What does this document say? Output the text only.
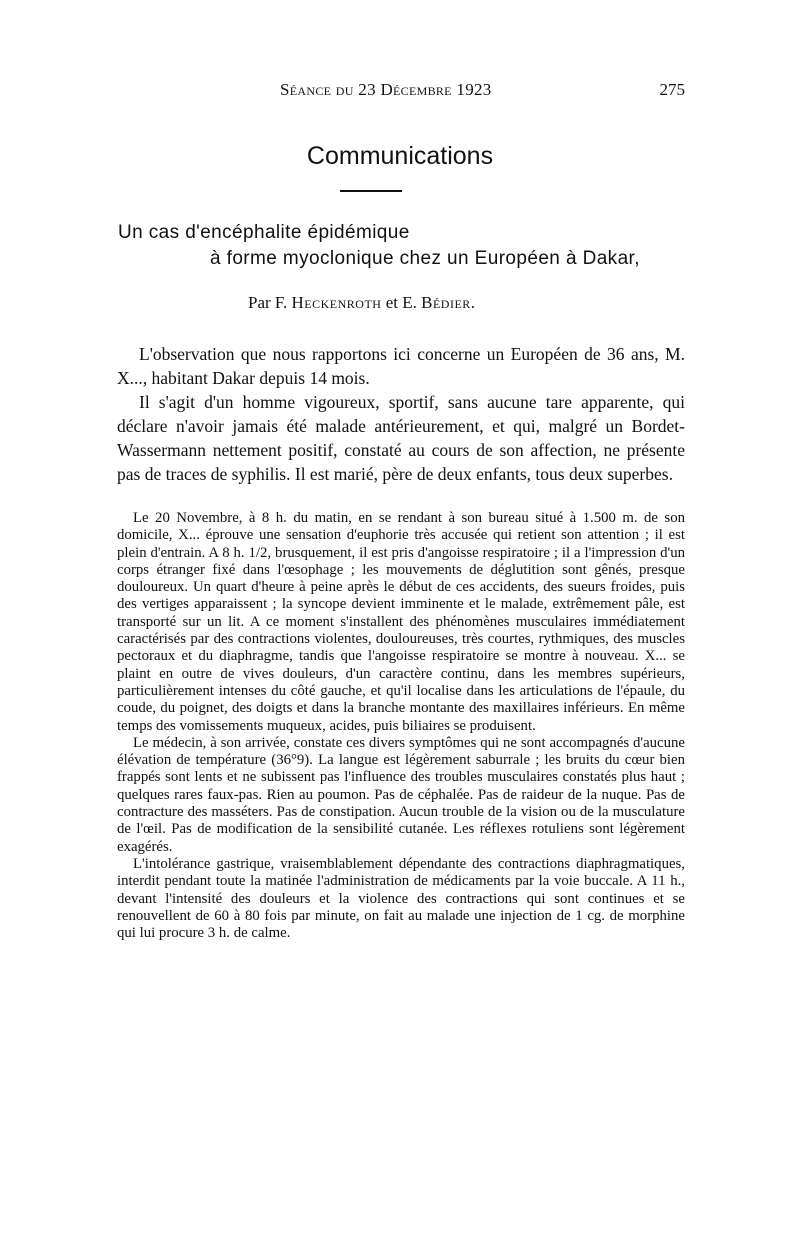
Séance du 23 Décembre 1923	275
Communications
Un cas d'encéphalite épidémique
à forme myoclonique chez un Européen à Dakar,
Par F. Heckenroth et E. Bédier.

L'observation que nous rapportons ici concerne un Européen de 36 ans, M. X..., habitant Dakar depuis 14 mois.

Il s'agit d'un homme vigoureux, sportif, sans aucune tare apparente, qui déclare n'avoir jamais été malade antérieurement, et qui, malgré un Bordet-Wassermann nettement positif, constaté au cours de son affection, ne présente pas de traces de syphilis. Il est marié, père de deux enfants, tous deux superbes.

Le 20 Novembre, à 8 h. du matin, en se rendant à son bureau situé à 1.500 m. de son domicile, X... éprouve une sensation d'euphorie très accusée qui retient son attention ; il est plein d'entrain. A 8 h. 1/2, brusquement, il est pris d'angoisse respiratoire ; il a l'impression d'un corps étranger fixé dans l'œsophage ; les mouvements de déglutition sont gênés, presque douloureux. Un quart d'heure à peine après le début de ces accidents, des sueurs froides, puis des vertiges apparaissent ; la syncope devient imminente et le malade, extrêmement pâle, est transporté sur un lit. A ce moment s'installent des phénomènes musculaires immédiatement caractérisés par des contractions violentes, douloureuses, très courtes, rythmiques, des muscles pectoraux et du diaphragme, tandis que l'angoisse respiratoire se montre à nouveau. X... se plaint en outre de vives douleurs, d'un caractère continu, dans les membres supérieurs, particulièrement intenses du côté gauche, et qu'il localise dans les articulations de l'épaule, du coude, du poignet, des doigts et dans la branche montante des maxillaires inférieurs. En même temps des vomissements muqueux, acides, puis biliaires se produisent.

Le médecin, à son arrivée, constate ces divers symptômes qui ne sont accompagnés d'aucune élévation de température (36°9). La langue est légèrement saburrale ; les bruits du cœur bien frappés sont lents et ne subissent pas l'influence des troubles musculaires constatés plus haut ; quelques rares faux-pas. Rien au poumon. Pas de céphalée. Pas de raideur de la nuque. Pas de contracture des masséters. Pas de constipation. Aucun trouble de la vision ou de la musculature de l'œil. Pas de modification de la sensibilité cutanée. Les réflexes rotuliens sont légèrement exagérés.

L'intolérance gastrique, vraisemblablement dépendante des contractions diaphragmatiques, interdit pendant toute la matinée l'administration de médicaments par la voie buccale. A 11 h., devant l'intensité des douleurs et la violence des contractions qui sont continues et se renouvellent de 60 à 80 fois par minute, on fait au malade une injection de 1 cg. de morphine qui lui procure 3 h. de calme.
